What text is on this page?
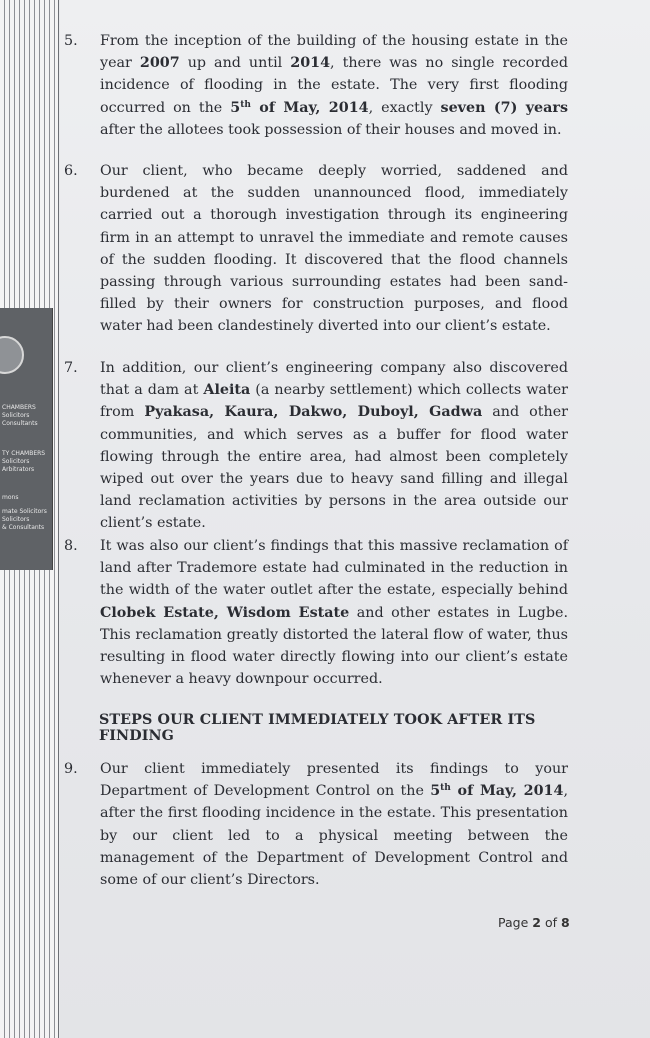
CHAMBERS
Solicitors
Consultants
TY CHAMBERS
Solicitors
Arbitrators
mons
mate Solicitors
Solicitors
& Consultants
5.	From the inception of the building of the housing estate in the year 2007 up and until 2014, there was no single recorded incidence of flooding in the estate. The very first flooding occurred on the 5th of May, 2014, exactly seven (7) years after the allotees took possession of their houses and moved in.
6.	Our client, who became deeply worried, saddened and burdened at the sudden unannounced flood, immediately carried out a thorough investigation through its engineering firm in an attempt to unravel the immediate and remote causes of the sudden flooding. It discovered that the flood channels passing through various surrounding estates had been sand-filled by their owners for construction purposes, and flood water had been clandestinely diverted into our client’s estate.
7.	In addition, our client’s engineering company also discovered that a dam at Aleita (a nearby settlement) which collects water from Pyakasa, Kaura, Dakwo, Duboyl, Gadwa and other communities, and which serves as a buffer for flood water flowing through the entire area, had almost been completely wiped out over the years due to heavy sand filling and illegal land reclamation activities by persons in the area outside our client’s estate.
8.	It was also our client’s findings that this massive reclamation of land after Trademore estate had culminated in the reduction in the width of the water outlet after the estate, especially behind Clobek Estate, Wisdom Estate and other estates in Lugbe. This reclamation greatly distorted the lateral flow of water, thus resulting in flood water directly flowing into our client’s estate whenever a heavy downpour occurred.
STEPS OUR CLIENT IMMEDIATELY TOOK AFTER ITS FINDING
9.	Our client immediately presented its findings to your Department of Development Control on the 5th of May, 2014, after the first flooding incidence in the estate. This presentation by our client led to a physical meeting between the management of the Department of Development Control and some of our client’s Directors.
Page 2 of 8
